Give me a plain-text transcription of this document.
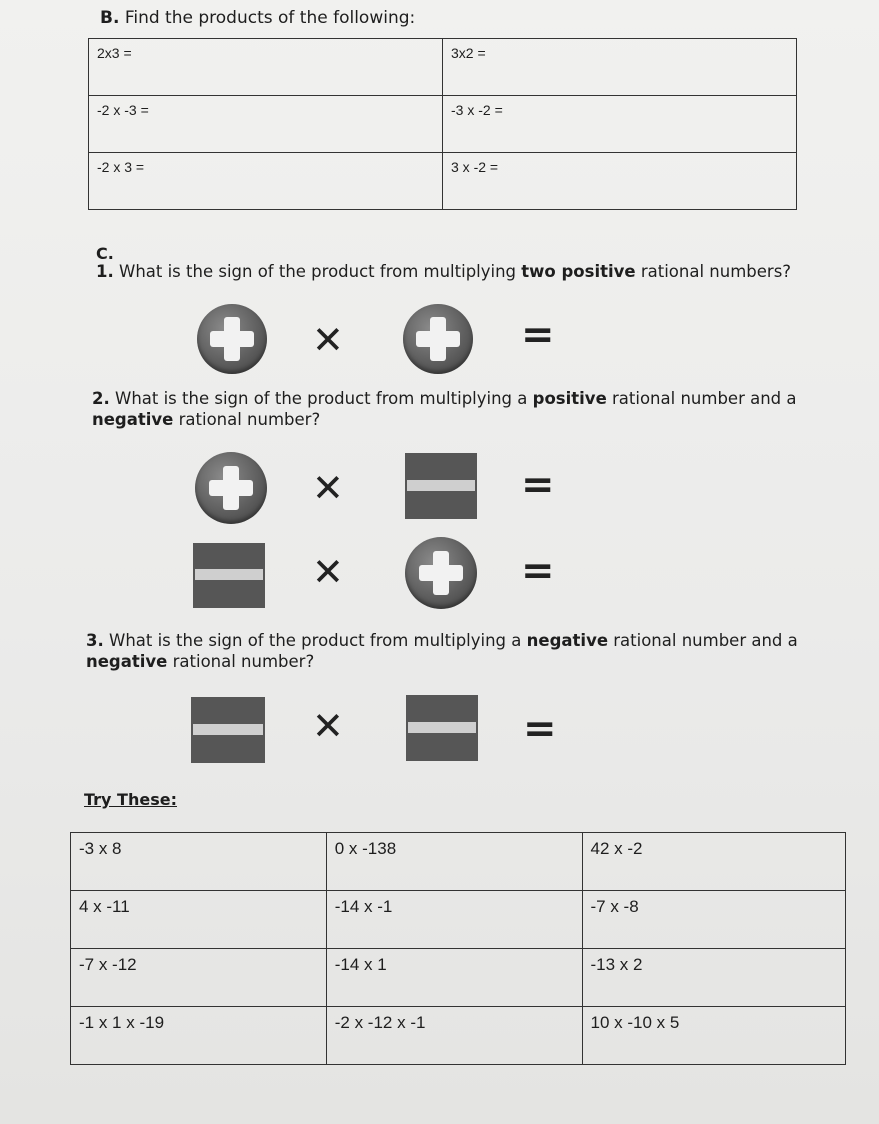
B. Find the products of the following:
2x3 =	3x2 =
-2 x -3 =	-3 x -2 =
-2 x 3 =	3 x -2 =
C.
1. What is the sign of the product from multiplying two positive rational numbers?
✕	=
2. What is the sign of the product from multiplying a positive rational number and a negative rational number?
✕	=
✕	=
3. What is the sign of the product from multiplying a negative rational number and a negative rational number?
✕	=
Try These:
-3 x 8	0 x -138	42 x -2
4 x -11	-14 x -1	-7 x -8
-7 x -12	-14 x 1	-13 x 2
-1 x 1 x -19	-2 x -12 x -1	10 x -10 x 5
